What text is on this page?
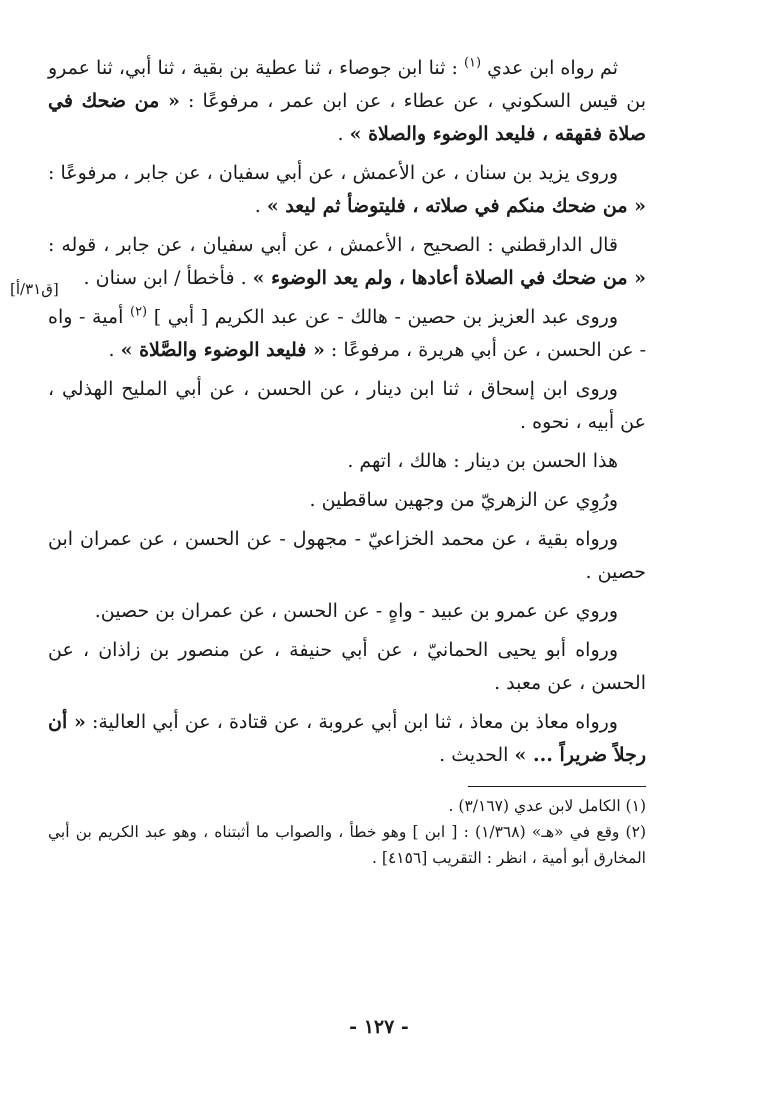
ثم رواه ابن عدي $^{(١)}$ : ثنا ابن جوصاء ، ثنا عطية بن بقية ، ثنا أبي، ثنا عمرو بن قيس السكوني ، عن عطاء ، عن ابن عمر ، مرفوعًا : « من ضحك في صلاة فقهقه ، فليعد الوضوء والصلاة » .

وروى يزيد بن سنان ، عن الأعمش ، عن أبي سفيان ، عن جابر ، مرفوعًا : « من ضحك منكم في صلاته ، فليتوضأ ثم ليعد » .

قال الدارقطني : الصحيح ، الأعمش ، عن أبي سفيان ، عن جابر ، قوله : « من ضحك في الصلاة أعادها ، ولم يعد الوضوء » . فأخطأ / ابن سنان .

وروى عبد العزيز بن حصين - هالك - عن عبد الكريم [ أبي ] $^{(٢)}$ أمية - واه - عن الحسن ، عن أبي هريرة ، مرفوعًا : « فليعد الوضوء والصَّلاة » .

وروى ابن إسحاق ، ثنا ابن دينار ، عن الحسن ، عن أبي المليح الهذلي ، عن أبيه ، نحوه .

هذا الحسن بن دينار : هالك ، اتهم .

ورُوِي عن الزهريّ من وجهين ساقطين .

ورواه بقية ، عن محمد الخزاعيّ - مجهول - عن الحسن ، عن عمران ابن حصين .

وروي عن عمرو بن عبيد - واهٍ - عن الحسن ، عن عمران بن حصين.

ورواه أبو يحيى الحمانيّ ، عن أبي حنيفة ، عن منصور بن زاذان ، عن الحسن ، عن معبد .

ورواه معاذ بن معاذ ، ثنا ابن أبي عروبة ، عن قتادة ، عن أبي العالية: « أن رجلاً ضريراً ... » الحديث .

[ق٣١/أ]

(١) الكامل لابن عدي (٣/١٦٧) .

(٢) وقع في «هـ» (١/٣٦٨) : [ ابن ] وهو خطأ ، والصواب ما أثبتناه ، وهو عبد الكريم بن أبي المخارق أبو أمية ، انظر : التقريب [٤١٥٦] .

- ١٢٧ -
